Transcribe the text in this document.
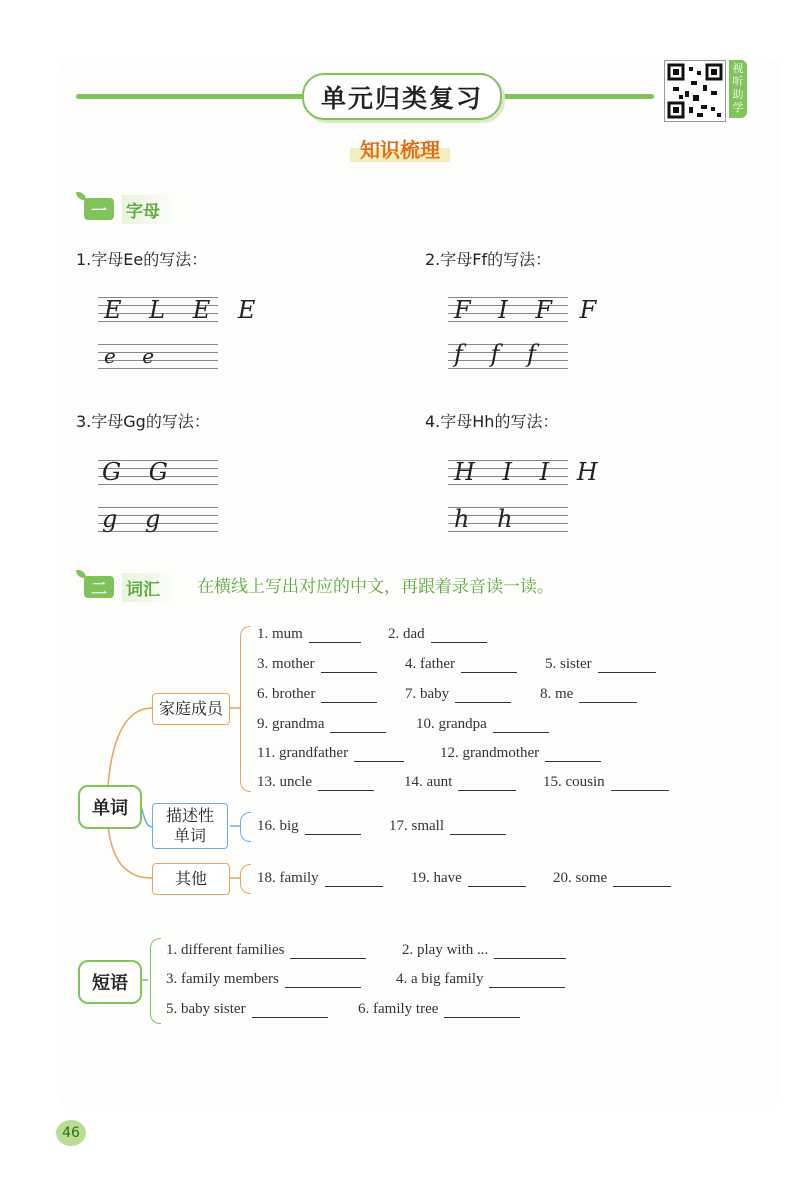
单元归类复习
视听助学
知识梳理
一	字母
1.字母Ee的写法：
E L E E
e e
2.字母Ff的写法：
F I F F
f f f
3.字母Gg的写法：
G G
g g
4.字母Hh的写法：
H I I H
h h
二	词汇	在横线上写出对应的中文，再跟着录音读一读。
单词
家庭成员
描述性单词
其他
1. mum	2. dad
3. mother	4. father	5. sister
6. brother	7. baby	8. me
9. grandma	10. grandpa
11. grandfather	12. grandmother
13. uncle	14. aunt	15. cousin
16. big	17. small
18. family	19. have	20. some
短语
1. different families	2. play with ...
3. family members	4. a big family
5. baby sister	6. family tree
46
